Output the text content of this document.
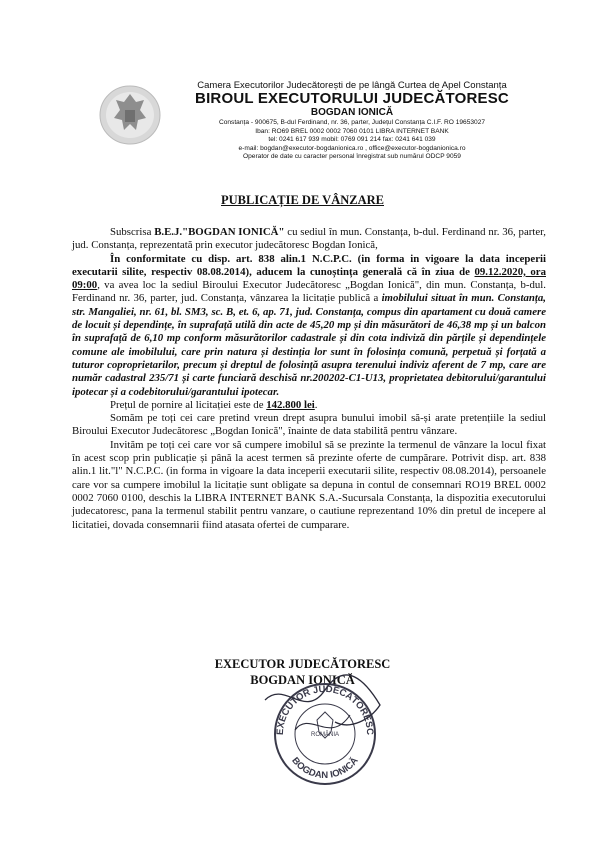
Camera Executorilor Judecătorești de pe lângă Curtea de Apel Constanța
BIROUL EXECUTORULUI JUDECĂTORESC
BOGDAN IONICĂ
Constanța - 900675, B-dul Ferdinand, nr. 36, parter, Județul Constanța C.I.F. RO 19653027
Iban: RO69 BREL 0002 0002 7060 0101 LIBRA INTERNET BANK
tel: 0241 617 939 mobil: 0769 091 214 fax: 0241 641 039
e-mail: bogdan@executor-bogdanionica.ro , office@executor-bogdanionica.ro
Operator de date cu caracter personal înregistrat sub numărul ODCP 9059
PUBLICAȚIE DE VÂNZARE

Subscrisa B.E.J."BOGDAN IONICĂ" cu sediul în mun. Constanța, b-dul. Ferdinand nr. 36, parter, jud. Constanța, reprezentată prin executor judecătoresc Bogdan Ionică,

În conformitate cu disp. art. 838 alin.1 N.C.P.C. (in forma in vigoare la data inceperii executarii silite, respectiv 08.08.2014), aducem la cunoștința generală că în ziua de 09.12.2020, ora 09:00, va avea loc la sediul Biroului Executor Judecătoresc „Bogdan Ionică", din mun. Constanța, b-dul. Ferdinand nr. 36, parter, jud. Constanța, vânzarea la licitație publică a imobilului situat în mun. Constanța, str. Mangaliei, nr. 61, bl. SM3, sc. B, et. 6, ap. 71, jud. Constanța, compus din apartament cu două camere de locuit și dependințe, în suprafață utilă din acte de 45,20 mp și din măsurători de 46,38 mp și un balcon în suprafață de 6,10 mp conform măsurătorilor cadastrale și din cota indiviză din părțile și dependințele comune ale imobilului, care prin natura și destinția lor sunt în folosința comună, perpetuă și forțată a tuturor coproprietarilor, precum și dreptul de folosință asupra terenului indiviz aferent de 7 mp, care are număr cadastral 235/71 și carte funciară deschisă nr.200202-C1-U13, proprietatea debitorului/garantului ipotecar și a codebitorului/garantului ipotecar.

Prețul de pornire al licitației este de 142.800 lei.

Somăm pe toți cei care pretind vreun drept asupra bunului imobil să-și arate pretențiile la sediul Biroului Executor Judecătoresc „Bogdan Ionică", înainte de data stabilită pentru vânzare.

Invităm pe toți cei care vor să cumpere imobilul să se prezinte la termenul de vânzare la locul fixat în acest scop prin publicație și până la acest termen să prezinte oferte de cumpărare. Potrivit disp. art. 838 alin.1 lit."l" N.C.P.C. (in forma in vigoare la data inceperii executarii silite, respectiv 08.08.2014), persoanele care vor sa cumpere imobilul la licitație sunt obligate sa depuna in contul de consemnari RO19 BREL 0002 0002 7060 0100, deschis la LIBRA INTERNET BANK S.A.-Sucursala Constanța, la dispozitia executorului judecatoresc, pana la termenul stabilit pentru vanzare, o cautiune reprezentand 10% din pretul de incepere al licitatiei, dovada consemnarii fiind atasata ofertei de cumparare.

EXECUTOR JUDECĂTORESC
BOGDAN IONICĂ
EXECUTOR JUDECĂTORESC
BOGDAN IONICĂ
ROMÂNIA
